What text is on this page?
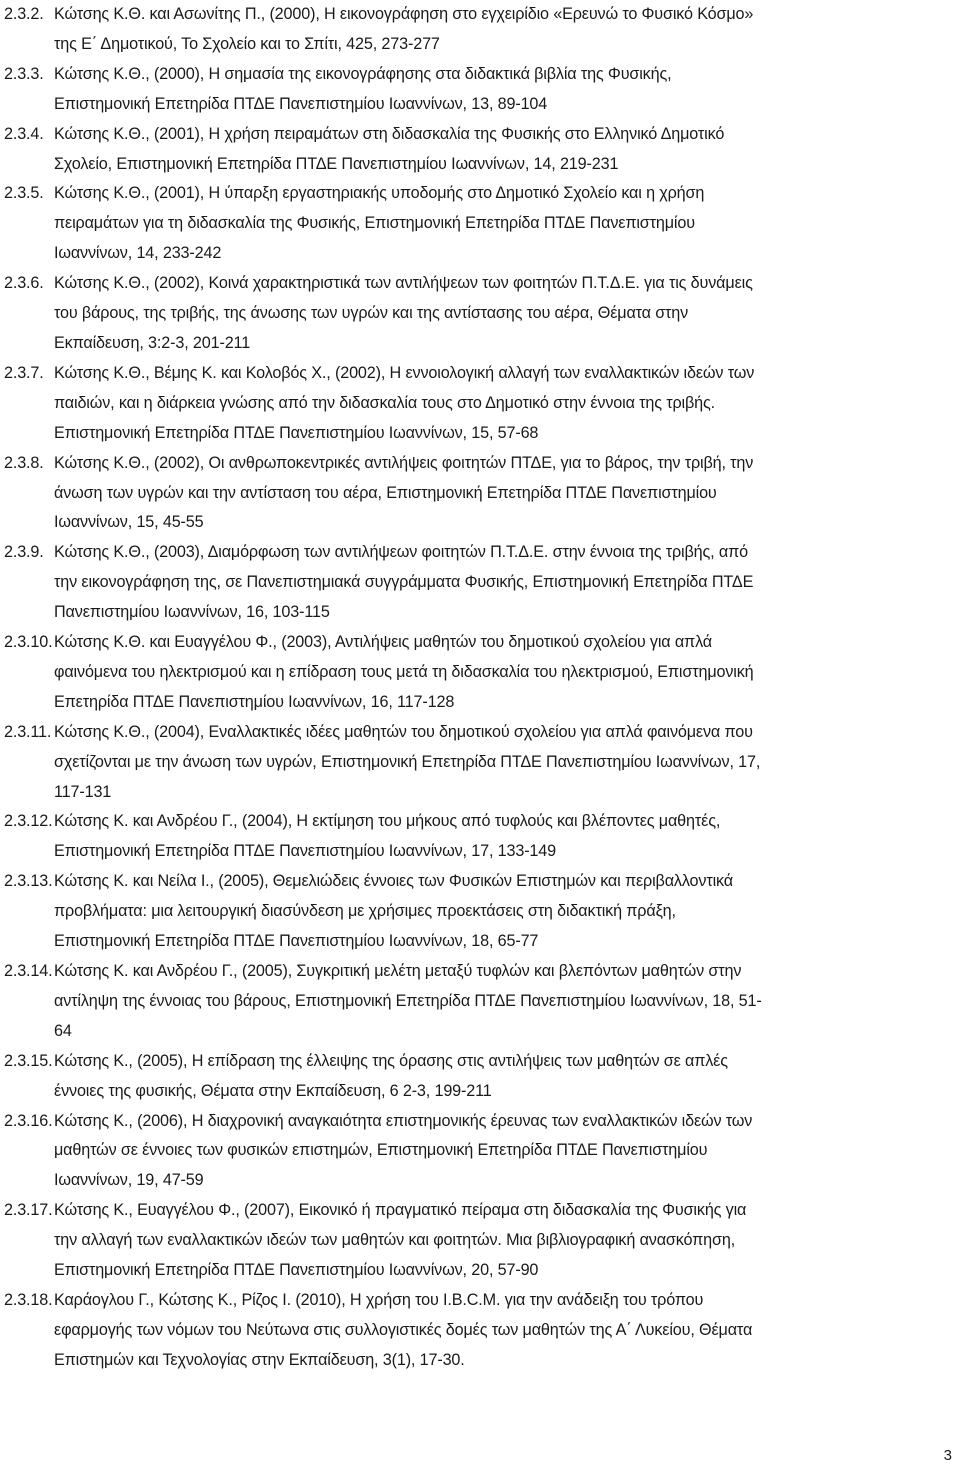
2.3.2. Κώτσης Κ.Θ. και Ασωνίτης Π., (2000), Η εικονογράφηση στο εγχειρίδιο «Ερευνώ το Φυσικό Κόσμο»
της Ε΄ Δημοτικού, Το Σχολείο και το Σπίτι, 425, 273-277
2.3.3. Κώτσης Κ.Θ., (2000), Η σημασία της εικονογράφησης στα διδακτικά βιβλία της Φυσικής,
Επιστημονική Επετηρίδα ΠΤΔΕ Πανεπιστημίου Ιωαννίνων, 13, 89-104
2.3.4. Κώτσης Κ.Θ., (2001), Η χρήση πειραμάτων στη διδασκαλία της Φυσικής στο Ελληνικό Δημοτικό
Σχολείο, Επιστημονική Επετηρίδα ΠΤΔΕ Πανεπιστημίου Ιωαννίνων, 14, 219-231
2.3.5. Κώτσης Κ.Θ., (2001), Η ύπαρξη εργαστηριακής υποδομής στο Δημοτικό Σχολείο και η χρήση
πειραμάτων για τη διδασκαλία της Φυσικής, Επιστημονική Επετηρίδα ΠΤΔΕ Πανεπιστημίου
Ιωαννίνων, 14, 233-242
2.3.6. Κώτσης Κ.Θ., (2002), Κοινά χαρακτηριστικά των αντιλήψεων των φοιτητών Π.Τ.Δ.Ε. για τις δυνάμεις
του βάρους, της τριβής, της άνωσης των υγρών και της αντίστασης του αέρα, Θέματα στην
Εκπαίδευση, 3:2-3, 201-211
2.3.7. Κώτσης Κ.Θ., Βέμης Κ. και Κολοβός Χ., (2002), Η εννοιολογική αλλαγή των εναλλακτικών ιδεών των
παιδιών, και η διάρκεια γνώσης από την διδασκαλία τους στο Δημοτικό στην έννοια της τριβής.
Επιστημονική Επετηρίδα ΠΤΔΕ Πανεπιστημίου Ιωαννίνων, 15, 57-68
2.3.8. Κώτσης Κ.Θ., (2002), Οι ανθρωποκεντρικές αντιλήψεις φοιτητών ΠΤΔΕ, για το βάρος, την τριβή, την
άνωση των υγρών και την αντίσταση του αέρα, Επιστημονική Επετηρίδα ΠΤΔΕ Πανεπιστημίου
Ιωαννίνων, 15, 45-55
2.3.9. Κώτσης Κ.Θ., (2003), Διαμόρφωση των αντιλήψεων φοιτητών Π.Τ.Δ.Ε. στην έννοια της τριβής, από
την εικονογράφηση της, σε Πανεπιστημιακά συγγράμματα Φυσικής, Επιστημονική Επετηρίδα ΠΤΔΕ
Πανεπιστημίου Ιωαννίνων, 16, 103-115
2.3.10. Κώτσης Κ.Θ. και Ευαγγέλου Φ., (2003), Αντιλήψεις μαθητών του δημοτικού σχολείου για απλά
φαινόμενα του ηλεκτρισμού και η επίδραση τους μετά τη διδασκαλία του ηλεκτρισμού, Επιστημονική
Επετηρίδα ΠΤΔΕ Πανεπιστημίου Ιωαννίνων, 16, 117-128
2.3.11. Κώτσης Κ.Θ., (2004), Εναλλακτικές ιδέες μαθητών του δημοτικού σχολείου για απλά φαινόμενα που
σχετίζονται με την άνωση των υγρών, Επιστημονική Επετηρίδα ΠΤΔΕ Πανεπιστημίου Ιωαννίνων, 17,
117-131
2.3.12. Κώτσης Κ. και Ανδρέου Γ., (2004), Η εκτίμηση του μήκους από τυφλούς και βλέποντες μαθητές,
Επιστημονική Επετηρίδα ΠΤΔΕ Πανεπιστημίου Ιωαννίνων, 17, 133-149
2.3.13. Κώτσης Κ. και Νείλα Ι., (2005), Θεμελιώδεις έννοιες των Φυσικών Επιστημών και περιβαλλοντικά
προβλήματα: μια λειτουργική διασύνδεση με χρήσιμες προεκτάσεις στη διδακτική πράξη,
Επιστημονική Επετηρίδα ΠΤΔΕ Πανεπιστημίου Ιωαννίνων, 18, 65-77
2.3.14. Κώτσης Κ. και Ανδρέου Γ., (2005), Συγκριτική μελέτη μεταξύ τυφλών και βλεπόντων μαθητών στην
αντίληψη της έννοιας του βάρους, Επιστημονική Επετηρίδα ΠΤΔΕ Πανεπιστημίου Ιωαννίνων, 18, 51-
64
2.3.15. Κώτσης Κ., (2005), Η επίδραση της έλλειψης της όρασης στις αντιλήψεις των μαθητών σε απλές
έννοιες της φυσικής, Θέματα στην Εκπαίδευση, 6 2-3, 199-211
2.3.16. Κώτσης Κ., (2006), Η διαχρονική αναγκαιότητα επιστημονικής έρευνας των εναλλακτικών ιδεών των
μαθητών σε έννοιες των φυσικών επιστημών, Επιστημονική Επετηρίδα ΠΤΔΕ Πανεπιστημίου
Ιωαννίνων, 19, 47-59
2.3.17. Κώτσης Κ., Ευαγγέλου Φ., (2007), Εικονικό ή πραγματικό πείραμα στη διδασκαλία της Φυσικής για
την αλλαγή των εναλλακτικών ιδεών των μαθητών και φοιτητών. Μια βιβλιογραφική ανασκόπηση,
Επιστημονική Επετηρίδα ΠΤΔΕ Πανεπιστημίου Ιωαννίνων, 20, 57-90
2.3.18. Καράογλου Γ., Κώτσης Κ., Ρίζος Ι. (2010), Η χρήση του Ι.Β.C.Μ. για την ανάδειξη του τρόπου
εφαρμογής των νόμων του Νεύτωνα στις συλλογιστικές δομές των μαθητών της Α΄ Λυκείου, Θέματα
Επιστημών και Τεχνολογίας στην Εκπαίδευση, 3(1), 17-30.
3
